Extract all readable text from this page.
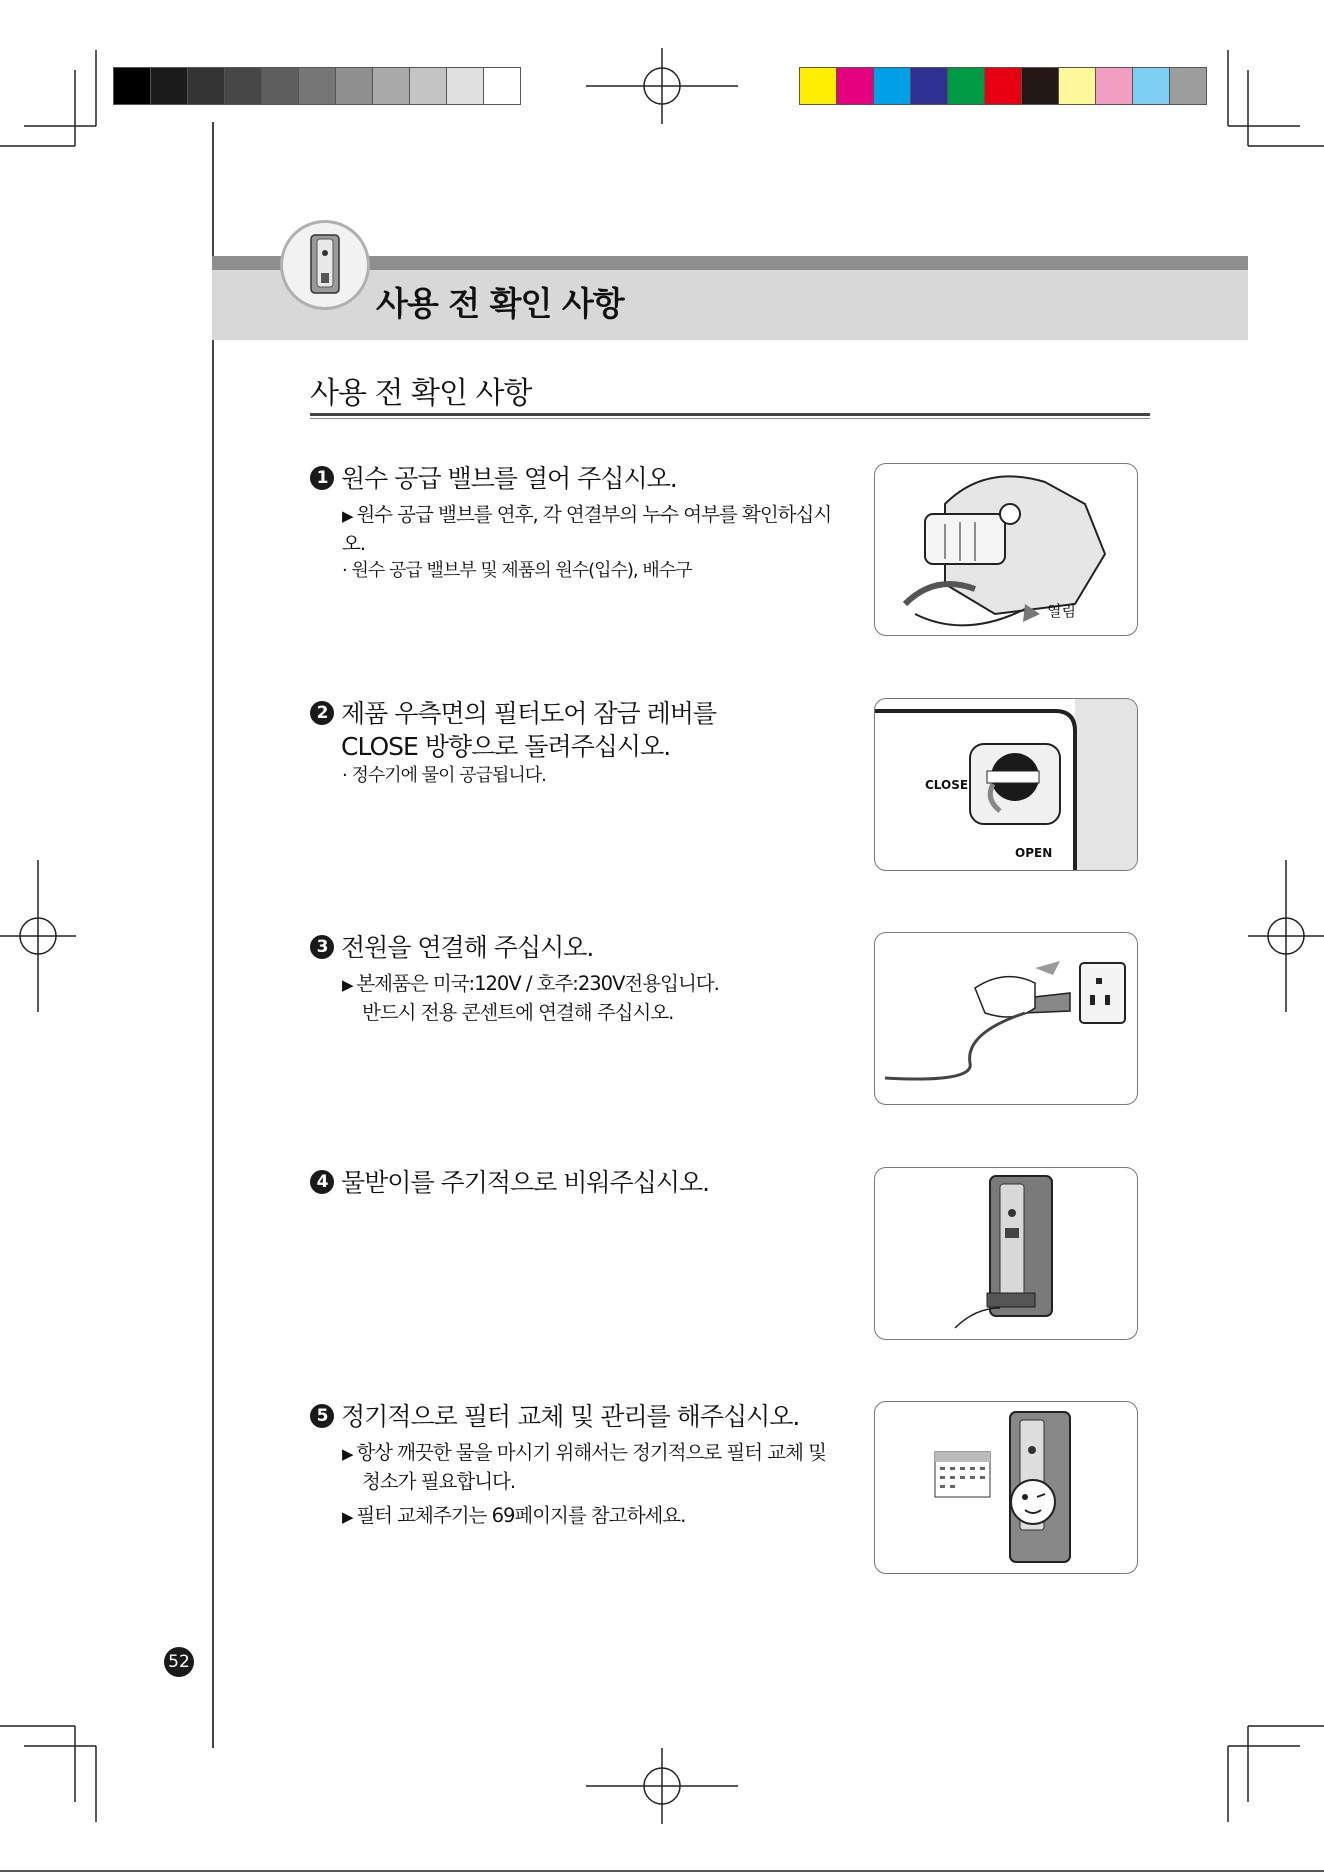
사용 전 확인 사항
사용 전 확인 사항
1 원수 공급 밸브를 열어 주십시오.
▶ 원수 공급 밸브를 연후, 각 연결부의 누수 여부를 확인하십시오.
· 원수 공급 밸브부 및 제품의 원수(입수), 배수구
열림
2 제품 우측면의 필터도어 잠금 레버를
CLOSE 방향으로 돌려주십시오.
· 정수기에 물이 공급됩니다.	CLOSE
OPEN
3 전원을 연결해 주십시오.
▶ 본제품은 미국:120V / 호주:230V전용입니다.
반드시 전용 콘센트에 연결해 주십시오.
4 물받이를 주기적으로 비워주십시오.
5 정기적으로 필터 교체 및 관리를 해주십시오.
▶ 항상 깨끗한 물을 마시기 위해서는 정기적으로 필터 교체 및
청소가 필요합니다.
▶ 필터 교체주기는 69페이지를 참고하세요.
52
